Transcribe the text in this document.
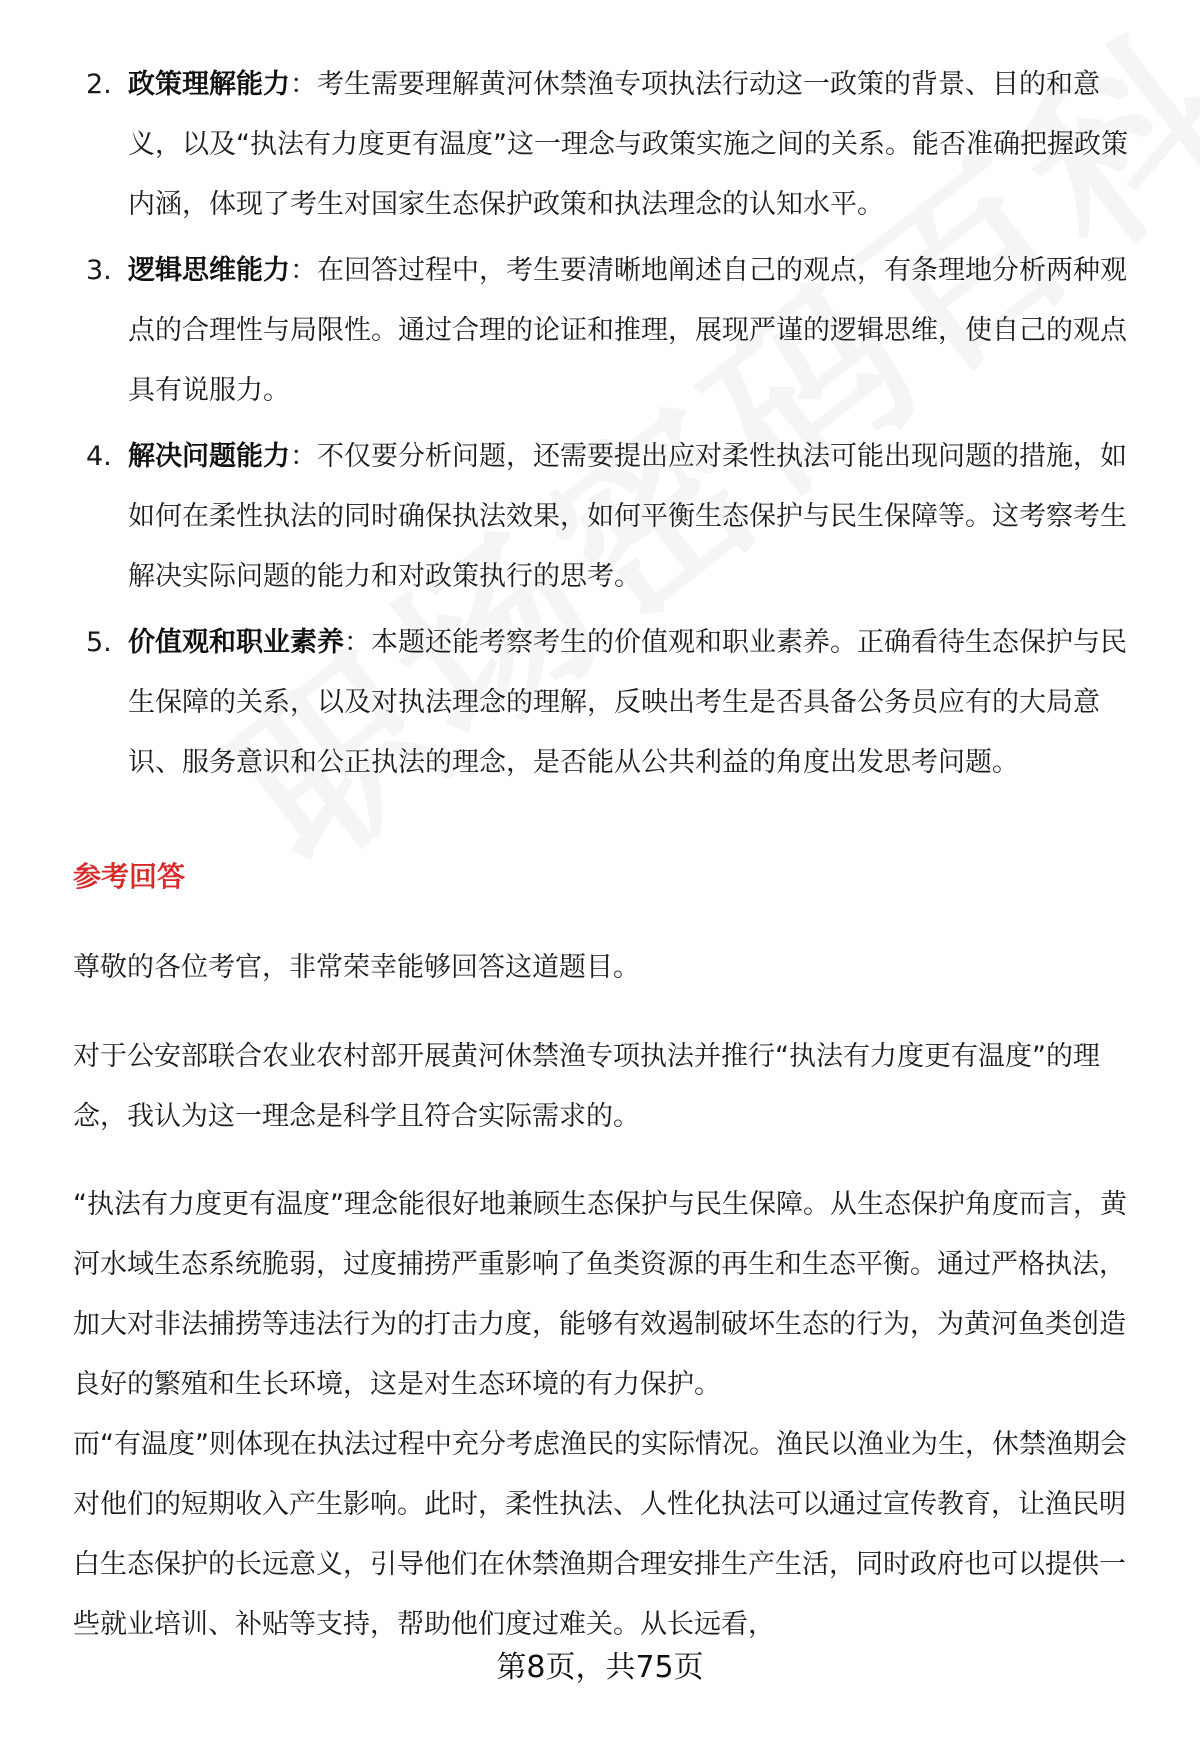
2. 政策理解能力：考生需要理解黄河休禁渔专项执法行动这一政策的背景、目的和意义，以及“执法有力度更有温度”这一理念与政策实施之间的关系。能否准确把握政策内涵，体现了考生对国家生态保护政策和执法理念的认知水平。
3. 逻辑思维能力：在回答过程中，考生要清晰地阐述自己的观点，有条理地分析两种观点的合理性与局限性。通过合理的论证和推理，展现严谨的逻辑思维，使自己的观点具有说服力。
4. 解决问题能力：不仅要分析问题，还需要提出应对柔性执法可能出现问题的措施，如如何在柔性执法的同时确保执法效果，如何平衡生态保护与民生保障等。这考察考生解决实际问题的能力和对政策执行的思考。
5. 价值观和职业素养：本题还能考察考生的价值观和职业素养。正确看待生态保护与民生保障的关系，以及对执法理念的理解，反映出考生是否具备公务员应有的大局意识、服务意识和公正执法的理念，是否能从公共利益的角度出发思考问题。
参考回答
尊敬的各位考官，非常荣幸能够回答这道题目。
对于公安部联合农业农村部开展黄河休禁渔专项执法并推行“执法有力度更有温度”的理念，我认为这一理念是科学且符合实际需求的。
“执法有力度更有温度”理念能很好地兼顾生态保护与民生保障。从生态保护角度而言，黄河水域生态系统脆弱，过度捕捞严重影响了鱼类资源的再生和生态平衡。通过严格执法，加大对非法捕捞等违法行为的打击力度，能够有效遏制破坏生态的行为，为黄河鱼类创造良好的繁殖和生长环境，这是对生态环境的有力保护。
而“有温度”则体现在执法过程中充分考虑渔民的实际情况。渔民以渔业为生，休禁渔期会对他们的短期收入产生影响。此时，柔性执法、人性化执法可以通过宣传教育，让渔民明白生态保护的长远意义，引导他们在休禁渔期合理安排生产生活，同时政府也可以提供一些就业培训、补贴等支持，帮助他们度过难关。从长远看，
第8页，共75页
